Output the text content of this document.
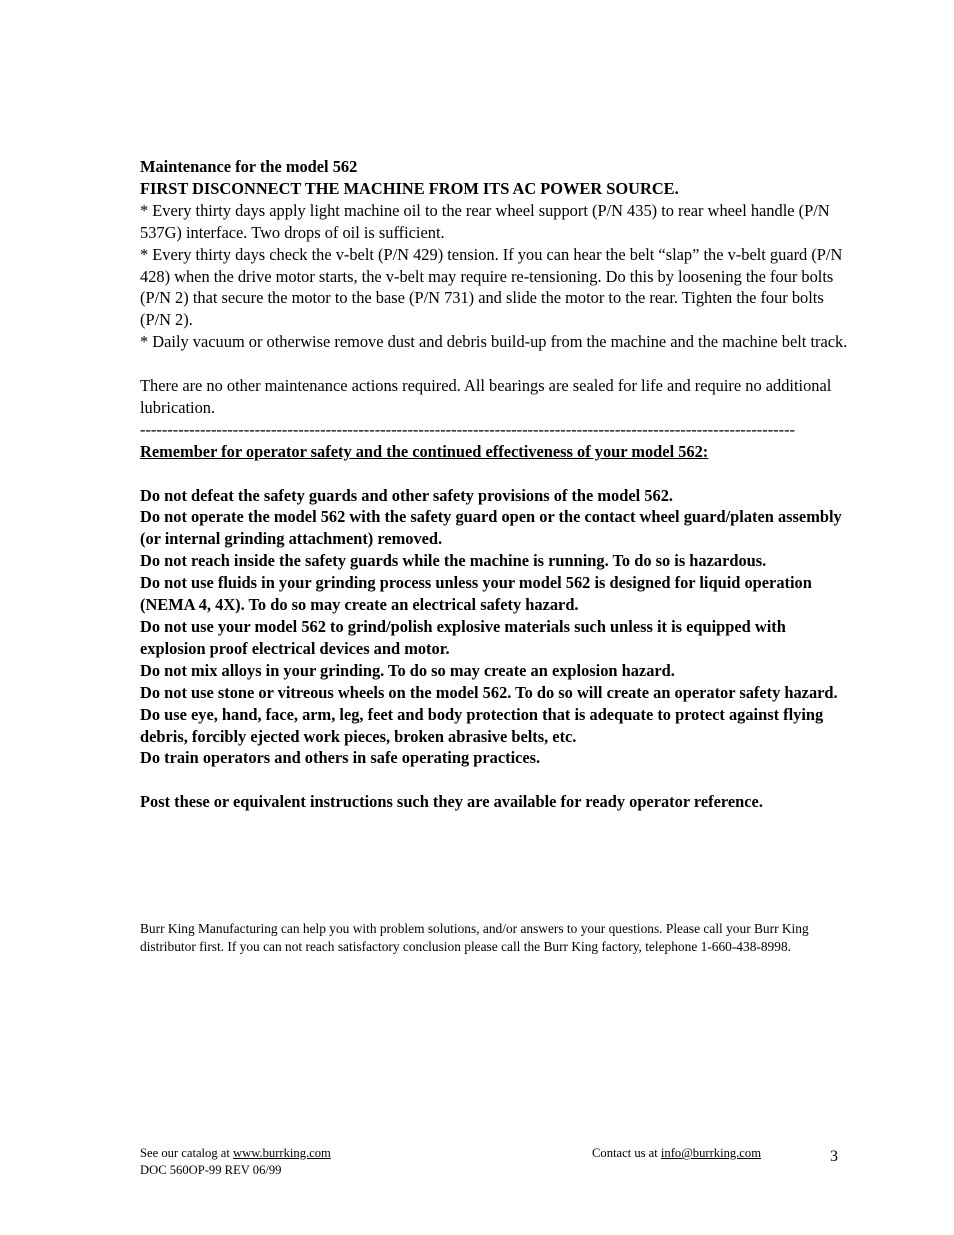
Maintenance for the model 562

FIRST DISCONNECT THE MACHINE FROM ITS AC POWER SOURCE.

* Every thirty days apply light machine oil to the rear wheel support (P/N 435) to rear wheel handle (P/N 537G) interface. Two drops of oil is sufficient.

* Every thirty days check the v-belt (P/N 429) tension. If you can hear the belt “slap” the v-belt guard (P/N 428) when the drive motor starts, the v-belt may require re-tensioning. Do this by loosening the four bolts (P/N 2) that secure the motor to the base (P/N 731) and slide the motor to the rear. Tighten the four bolts (P/N 2).

* Daily vacuum or otherwise remove dust and debris build-up from the machine and the machine belt track.

There are no other maintenance actions required. All bearings are sealed for life and require no additional lubrication.

------------------------------------------------------------------------------------------------------------------------

Remember for operator safety and the continued effectiveness of your model 562:

Do not defeat the safety guards and other safety provisions of the model 562.

Do not operate the model 562 with the safety guard open or the contact wheel guard/platen assembly (or internal grinding attachment) removed.

Do not reach inside the safety guards while the machine is running. To do so is hazardous.

Do not use fluids in your grinding process unless your model 562 is designed for liquid operation (NEMA 4, 4X). To do so may create an electrical safety hazard.

Do not use your model 562 to grind/polish explosive materials such unless it is equipped with explosion proof electrical devices and motor.

Do not mix alloys in your grinding. To do so may create an explosion hazard.

Do not use stone or vitreous wheels on the model 562. To do so will create an operator safety hazard.

Do use eye, hand, face, arm, leg, feet and body protection that is adequate to protect against flying debris, forcibly ejected work pieces, broken abrasive belts, etc.

Do train operators and others in safe operating practices.

Post these or equivalent instructions such they are available for ready operator reference.

Burr King Manufacturing can help you with problem solutions, and/or answers to your questions. Please call your Burr King distributor first. If you can not reach satisfactory conclusion please call the Burr King factory, telephone 1-660-438-8998.
See our catalog at www.burrking.com
DOC 560OP-99 REV 06/99
Contact us at info@burrking.com	3
